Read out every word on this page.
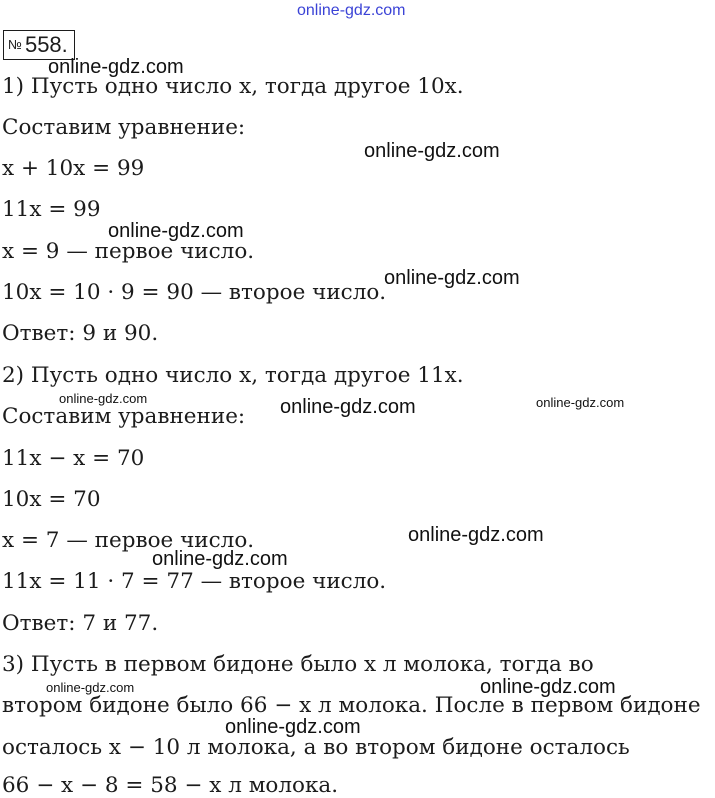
online-gdz.com
№ 558.
1) Пусть одно число x, тогда другое 10x.
Составим уравнение:
x + 10x = 99
11x = 99
x = 9 — первое число.
10x = 10 · 9 = 90 — второе число.
Ответ: 9 и 90.
2) Пусть одно число x, тогда другое 11x.
Составим уравнение:
11x − x = 70
10x = 70
x = 7 — первое число.
11x = 11 · 7 = 77 — второе число.
Ответ: 7 и 77.
3) Пусть в первом бидоне было x л молока, тогда во
втором бидоне было 66 − x л молока. После в первом бидоне
осталось x − 10 л молока, а во втором бидоне осталось
66 − x − 8 = 58 − x л молока.
online-gdz.com
online-gdz.com
online-gdz.com
online-gdz.com
online-gdz.com	online-gdz.com	online-gdz.com
online-gdz.com
online-gdz.com
online-gdz.com	online-gdz.com
online-gdz.com
